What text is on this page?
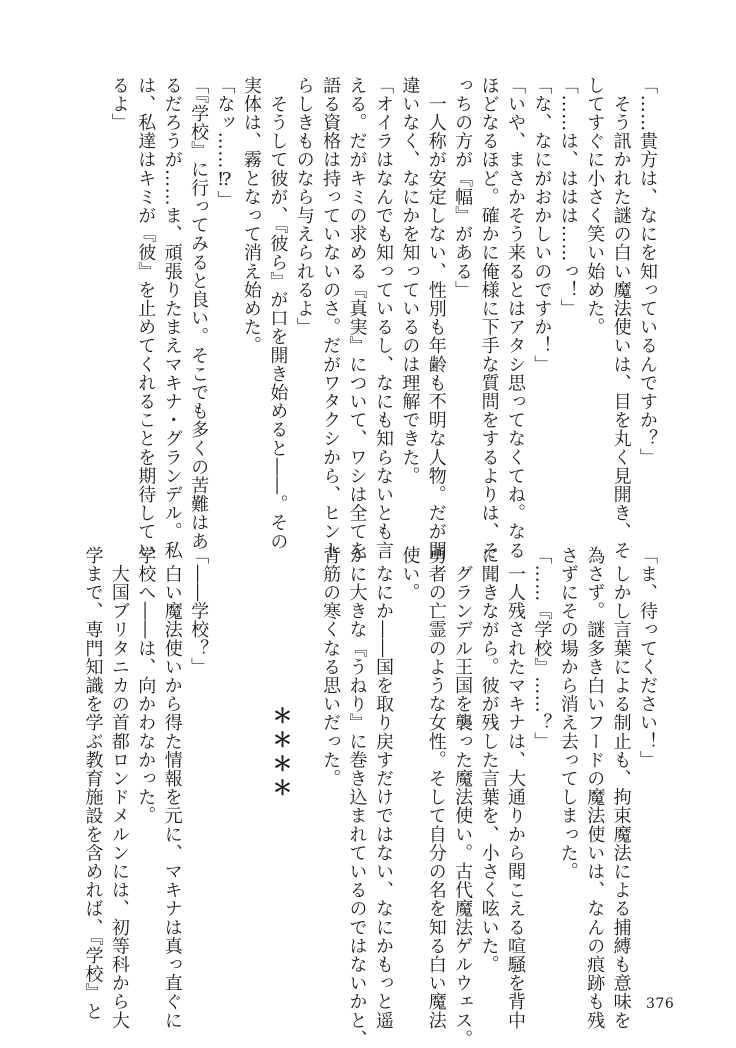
「……貴方は、なにを知っているんですか？」
　そう訊かれた謎の白い魔法使いは、目を丸く見開き、そ
してすぐに小さく笑い始めた。
「……は、ははは……っ！」
「な、なにがおかしいのですか！」
「いや、まさかそう来るとはアタシ思ってなくてね。なる
ほどなるほど。確かに俺様に下手な質問をするよりは、そ
っちの方が『幅』がある」
　一人称が安定しない、性別も年齢も不明な人物。だが間
違いなく、なにかを知っているのは理解できた。
「オイラはなんでも知っているし、なにも知らないとも言
える。だがキミの求める『真実』について、ワシは全てを
語る資格は持っていないのさ。だがワタクシから、ヒント
らしきものなら与えられるよ」
　そうして彼が、『彼ら』が口を開き始めると――。その
実体は、霧となって消え始めた。
「なッ……⁉」
「『学校』に行ってみると良い。そこでも多くの苦難はあ
るだろうが……ま、頑張りたまえマキナ・グランデル。私
は、私達はキミが『彼』を止めてくれることを期待してい
るよ」
「ま、待ってください！」
　しかし言葉による制止も、拘束魔法による捕縛も意味を
為さず。謎多き白いフードの魔法使いは、なんの痕跡も残
さずにその場から消え去ってしまった。
「……『学校』……？」
　一人残されたマキナは、大通りから聞こえる喧騒を背中
に聞きながら。彼が残した言葉を、小さく呟いた。
　グランデル王国を襲った魔法使い。古代魔法ゲルウェス。
勇者の亡霊のような女性。そして自分の名を知る白い魔法
使い。
　なにか――国を取り戻すだけではない、なにかもっと遥
かに大きな『うねり』に巻き込まれているのではないかと、
背筋の寒くなる思いだった。

「――学校？」
　白い魔法使いから得た情報を元に、マキナは真っ直ぐに
学校へ――は、向かわなかった。
　大国ブリタニカの首都ロンドメルンには、初等科から大
学まで、専門知識を学ぶ教育施設を含めれば、『学校』と	＊＊＊＊
376
